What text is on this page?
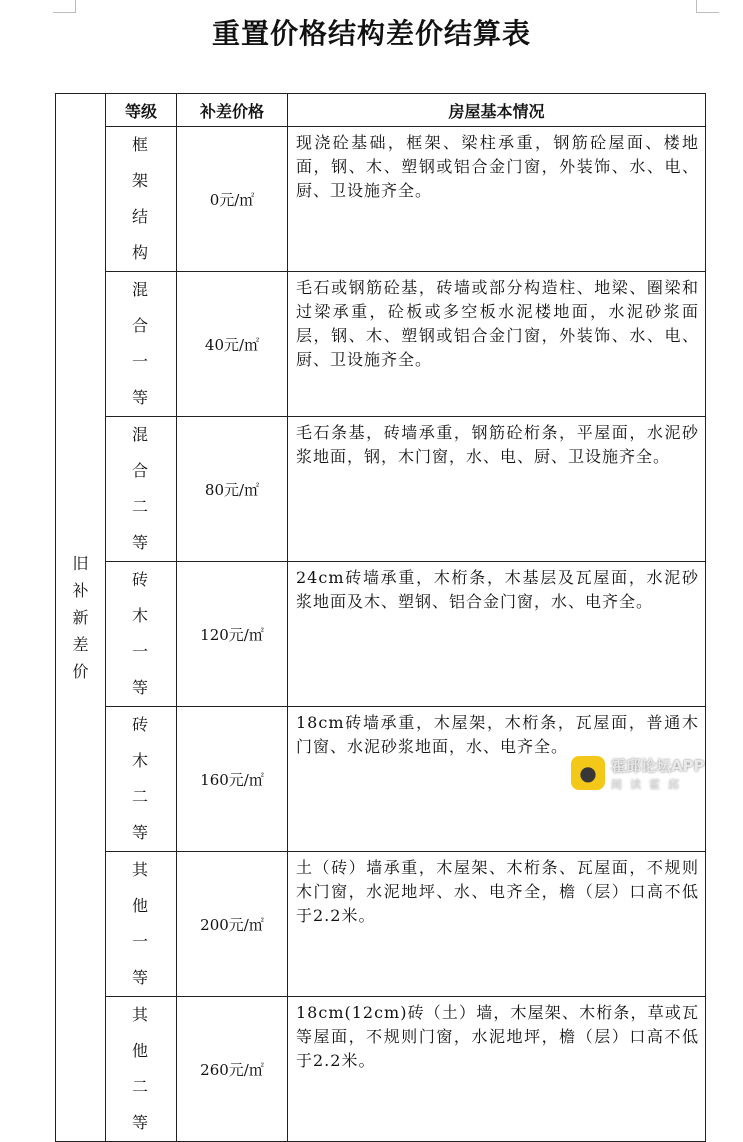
重置价格结构差价结算表
旧补新差价	等级	补差价格	房屋基本情况
	框架结构	0元/㎡	现浇砼基础，框架、梁柱承重，钢筋砼屋面、楼地面，钢、木、塑钢或铝合金门窗，外装饰、水、电、厨、卫设施齐全。
	混合一等	40元/㎡	毛石或钢筋砼基，砖墙或部分构造柱、地梁、圈梁和过梁承重，砼板或多空板水泥楼地面，水泥砂浆面层，钢、木、塑钢或铝合金门窗，外装饰、水、电、厨、卫设施齐全。
	混合二等	80元/㎡	毛石条基，砖墙承重，钢筋砼桁条，平屋面，水泥砂浆地面，钢，木门窗，水、电、厨、卫设施齐全。
	砖木一等	120元/㎡	24cm砖墙承重，木桁条，木基层及瓦屋面，水泥砂浆地面及木、塑钢、铝合金门窗，水、电齐全。
	砖木二等	160元/㎡	18cm砖墙承重，木屋架，木桁条，瓦屋面，普通木门窗、水泥砂浆地面，水、电齐全。
	其他一等	200元/㎡	土（砖）墙承重，木屋架、木桁条、瓦屋面，不规则木门窗，水泥地坪、水、电齐全，檐（层）口高不低于2.2米。
	其他二等	260元/㎡	18cm(12cm)砖（土）墙，木屋架、木桁条，草或瓦等屋面，不规则门窗，水泥地坪，檐（层）口高不低于2.2米。
● 霍邱论坛APP
阅读霍邱
